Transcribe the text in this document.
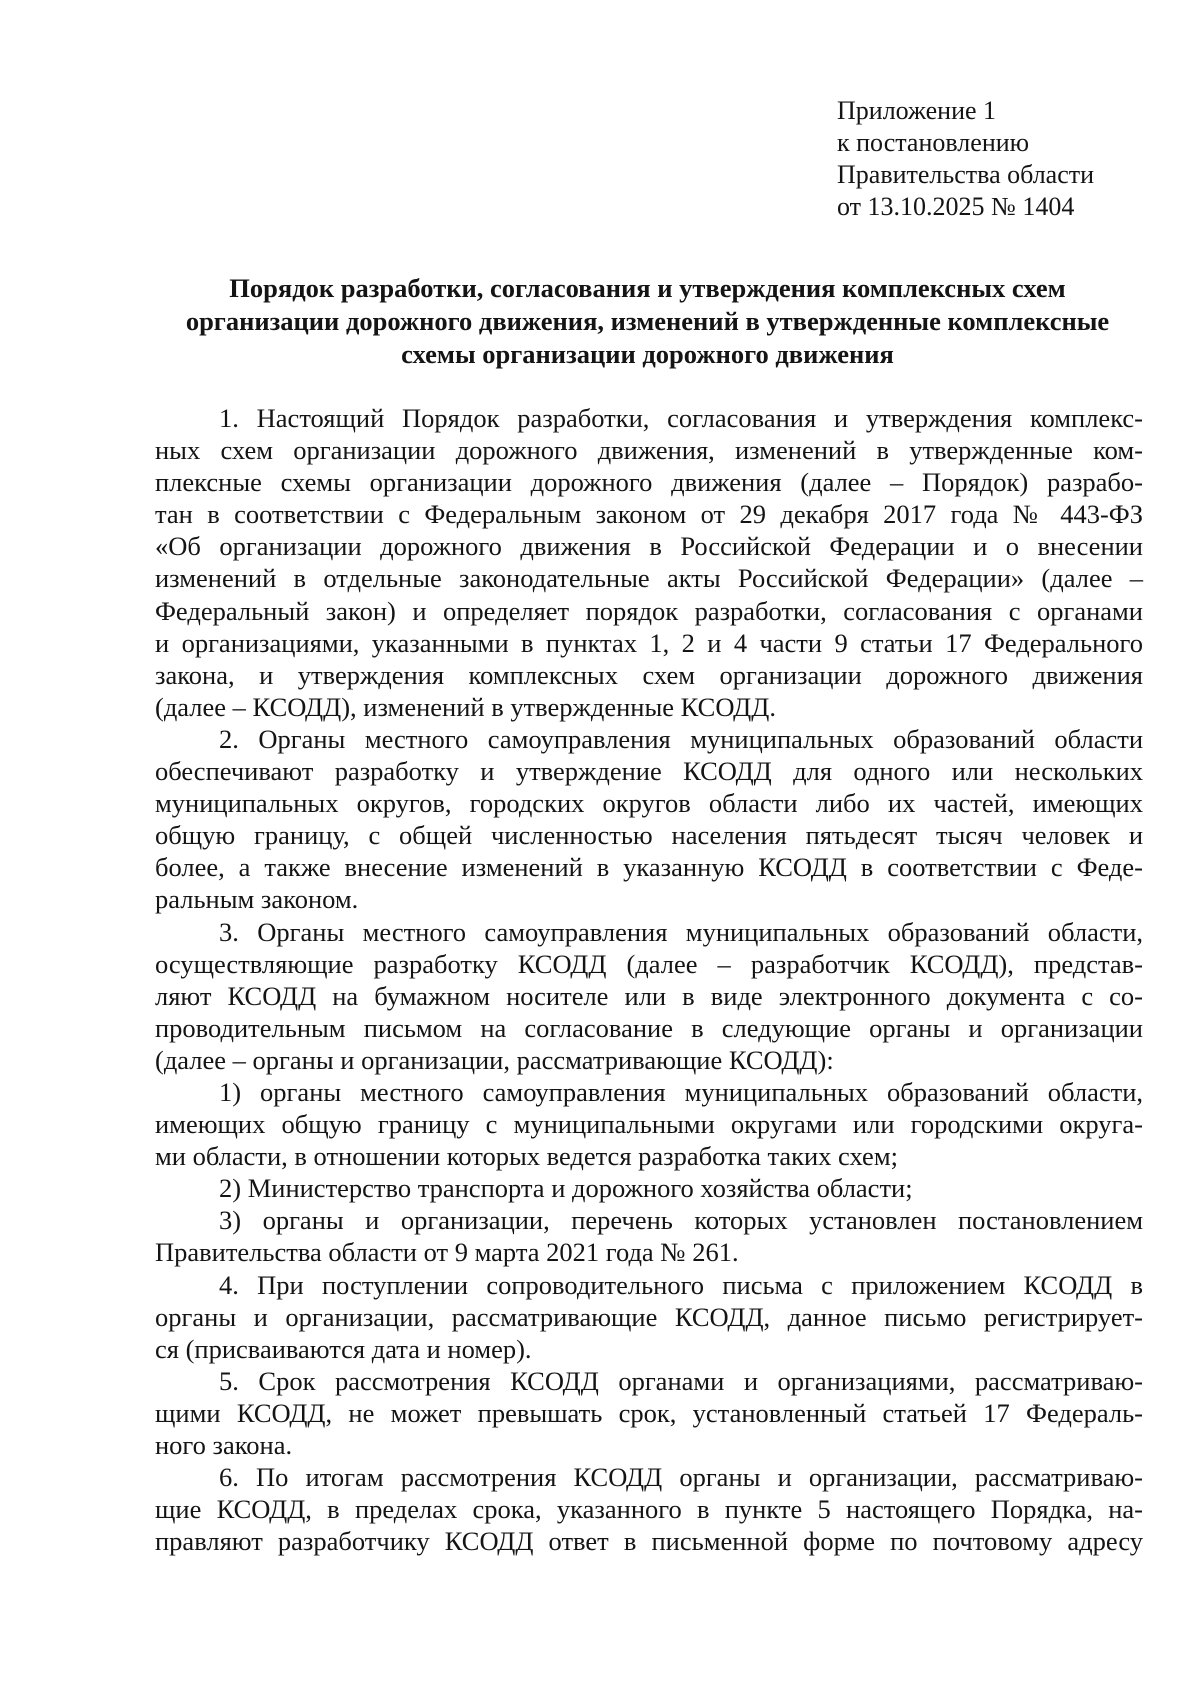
Приложение 1
к постановлению
Правительства области
от 13.10.2025 № 1404
Порядок разработки, согласования и утверждения комплексных схем
организации дорожного движения, изменений в утвержденные комплексные
схемы организации дорожного движения
1. Настоящий Порядок разработки, согласования и утверждения комплекс-
ных схем организации дорожного движения, изменений в утвержденные ком-
плексные схемы организации дорожного движения (далее – Порядок) разрабо-
тан в соответствии с Федеральным законом от 29 декабря 2017 года № 443-ФЗ
«Об организации дорожного движения в Российской Федерации и о внесении
изменений в отдельные законодательные акты Российской Федерации» (далее –
Федеральный закон) и определяет порядок разработки, согласования с органами
и организациями, указанными в пунктах 1, 2 и 4 части 9 статьи 17 Федерального
закона, и утверждения комплексных схем организации дорожного движения
(далее – КСОДД), изменений в утвержденные КСОДД.
2. Органы местного самоуправления муниципальных образований области
обеспечивают разработку и утверждение КСОДД для одного или нескольких
муниципальных округов, городских округов области либо их частей, имеющих
общую границу, с общей численностью населения пятьдесят тысяч человек и
более, а также внесение изменений в указанную КСОДД в соответствии с Феде-
ральным законом.
3. Органы местного самоуправления муниципальных образований области,
осуществляющие разработку КСОДД (далее – разработчик КСОДД), представ-
ляют КСОДД на бумажном носителе или в виде электронного документа с со-
проводительным письмом на согласование в следующие органы и организации
(далее – органы и организации, рассматривающие КСОДД):
1) органы местного самоуправления муниципальных образований области,
имеющих общую границу с муниципальными округами или городскими округа-
ми области, в отношении которых ведется разработка таких схем;
2) Министерство транспорта и дорожного хозяйства области;
3) органы и организации, перечень которых установлен постановлением
Правительства области от 9 марта 2021 года № 261.
4. При поступлении сопроводительного письма с приложением КСОДД в
органы и организации, рассматривающие КСОДД, данное письмо регистрирует-
ся (присваиваются дата и номер).
5. Срок рассмотрения КСОДД органами и организациями, рассматриваю-
щими КСОДД, не может превышать срок, установленный статьей 17 Федераль-
ного закона.
6. По итогам рассмотрения КСОДД органы и организации, рассматриваю-
щие КСОДД, в пределах срока, указанного в пункте 5 настоящего Порядка, на-
правляют разработчику КСОДД ответ в письменной форме по почтовому адресу
